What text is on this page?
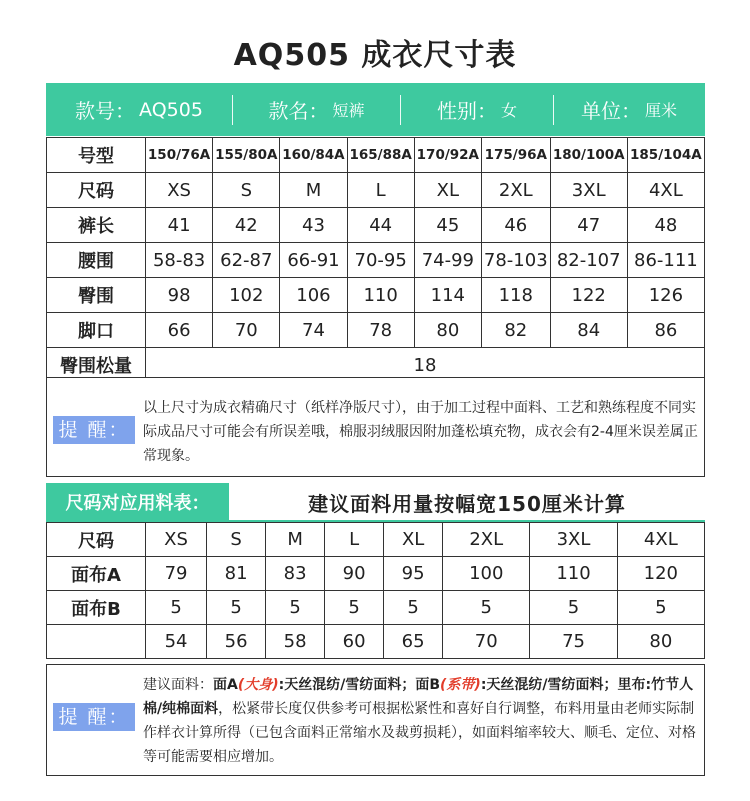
AQ505 成衣尺寸表
款号： AQ505	款名： 短裤	性别： 女	单位： 厘米
号型	150/76A	155/80A	160/84A	165/88A	170/92A	175/96A	180/100A	185/104A
尺码	XS	S	M	L	XL	2XL	3XL	4XL
裤长	41	42	43	44	45	46	47	48
腰围	58-83	62-87	66-91	70-95	74-99	78-103	82-107	86-111
臀围	98	102	106	110	114	118	122	126
脚口	66	70	74	78	80	82	84	86
臀围松量	18							
提 醒：
以上尺寸为成衣精确尺寸（纸样净版尺寸），由于加工过程中面料、工艺和熟练程度不同实际成品尺寸可能会有所误差哦，棉服羽绒服因附加蓬松填充物，成衣会有2-4厘米误差属正常现象。
尺码对应用料表：	建议面料用量按幅宽150厘米计算
尺码	XS	S	M	L	XL	2XL	3XL	4XL
面布A	79	81	83	90	95	100	110	120
面布B	5	5	5	5	5	5	5	5
	54	56	58	60	65	70	75	80
提 醒：
建议面料：面A(大身):天丝混纺/雪纺面料；面B(系带):天丝混纺/雪纺面料；里布:竹节人棉/纯棉面料，松紧带长度仅供参考可根据松紧性和喜好自行调整，布料用量由老师实际制作样衣计算所得（已包含面料正常缩水及裁剪损耗），如面料缩率较大、顺毛、定位、对格等可能需要相应增加。
